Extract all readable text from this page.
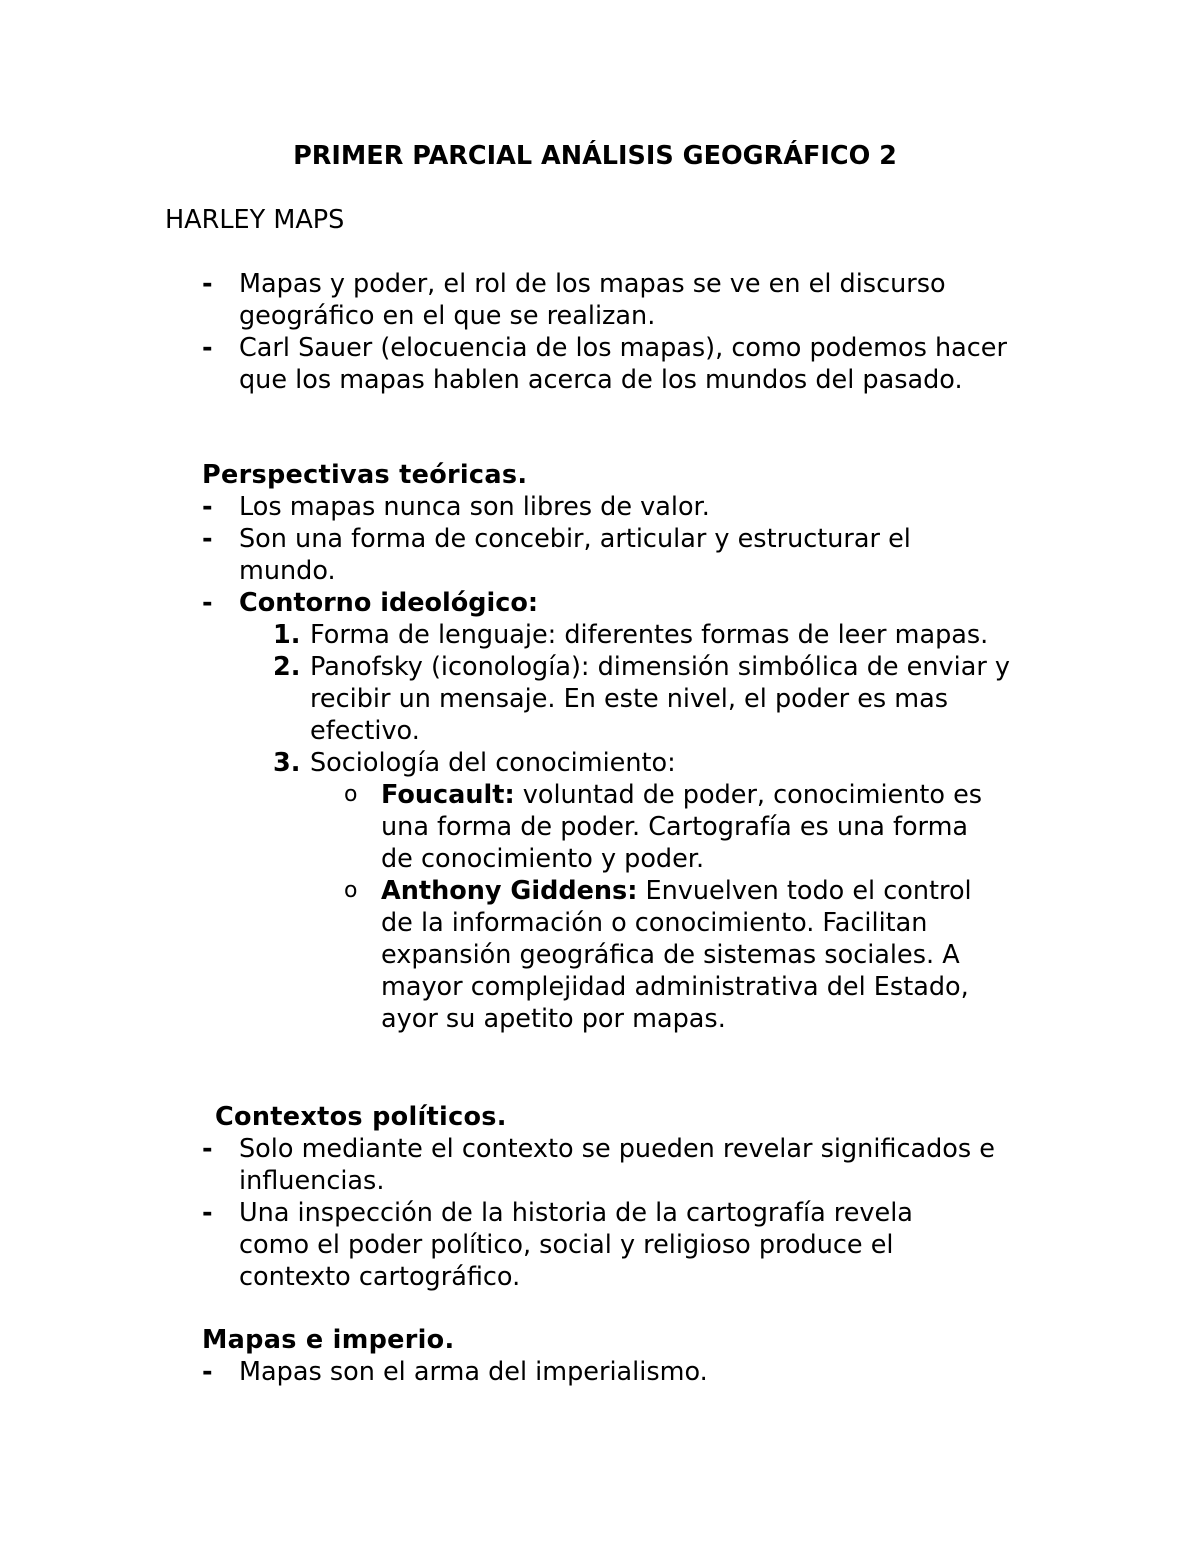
PRIMER PARCIAL ANÁLISIS GEOGRÁFICO 2
HARLEY MAPS
- Mapas y poder, el rol de los mapas se ve en el discurso geográfico en el que se realizan.
- Carl Sauer (elocuencia de los mapas), como podemos hacer que los mapas hablen acerca de los mundos del pasado.
Perspectivas teóricas.
- Los mapas nunca son libres de valor.
- Son una forma de concebir, articular y estructurar el mundo.
- Contorno ideológico:
1. Forma de lenguaje: diferentes formas de leer mapas.
2. Panofsky (iconología): dimensión simbólica de enviar y recibir un mensaje. En este nivel, el poder es mas efectivo.
3. Sociología del conocimiento:
o Foucault: voluntad de poder, conocimiento es una forma de poder. Cartografía es una forma de conocimiento y poder.
o Anthony Giddens: Envuelven todo el control de la información o conocimiento. Facilitan expansión geográfica de sistemas sociales. A mayor complejidad administrativa del Estado, ayor su apetito por mapas.
Contextos políticos.
- Solo mediante el contexto se pueden revelar significados e influencias.
- Una inspección de la historia de la cartografía revela como el poder político, social y religioso produce el contexto cartográfico.
Mapas e imperio.
- Mapas son el arma del imperialismo.
